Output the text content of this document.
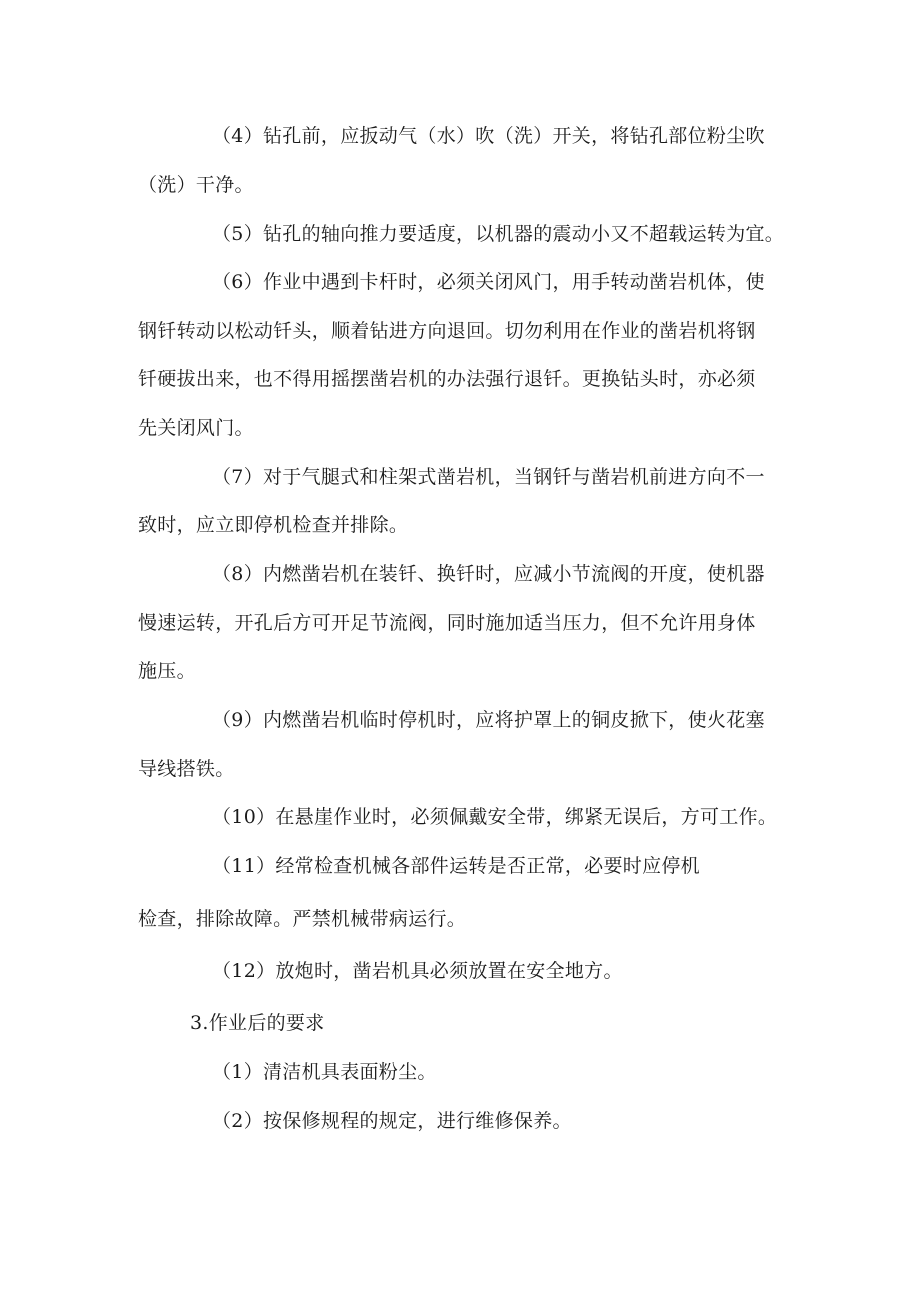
（4）钻孔前，应扳动气（水）吹（洗）开关，将钻孔部位粉尘吹
（洗）干净。
（5）钻孔的轴向推力要适度，以机器的震动小又不超载运转为宜。
（6）作业中遇到卡杆时，必须关闭风门，用手转动凿岩机体，使
钢钎转动以松动钎头，顺着钻进方向退回。切勿利用在作业的凿岩机将钢
钎硬拔出来，也不得用摇摆凿岩机的办法强行退钎。更换钻头时，亦必须
先关闭风门。
（7）对于气腿式和柱架式凿岩机，当钢钎与凿岩机前进方向不一
致时，应立即停机检查并排除。
（8）内燃凿岩机在装钎、换钎时，应减小节流阀的开度，使机器
慢速运转，开孔后方可开足节流阀，同时施加适当压力，但不允许用身体
施压。
（9）内燃凿岩机临时停机时，应将护罩上的铜皮掀下，使火花塞
导线搭铁。
（10）在悬崖作业时，必须佩戴安全带，绑紧无误后，方可工作。
（11）经常检查机械各部件运转是否正常，必要时应停机
检查，排除故障。严禁机械带病运行。
（12）放炮时，凿岩机具必须放置在安全地方。
3.作业后的要求
（1）清洁机具表面粉尘。
（2）按保修规程的规定，进行维修保养。
